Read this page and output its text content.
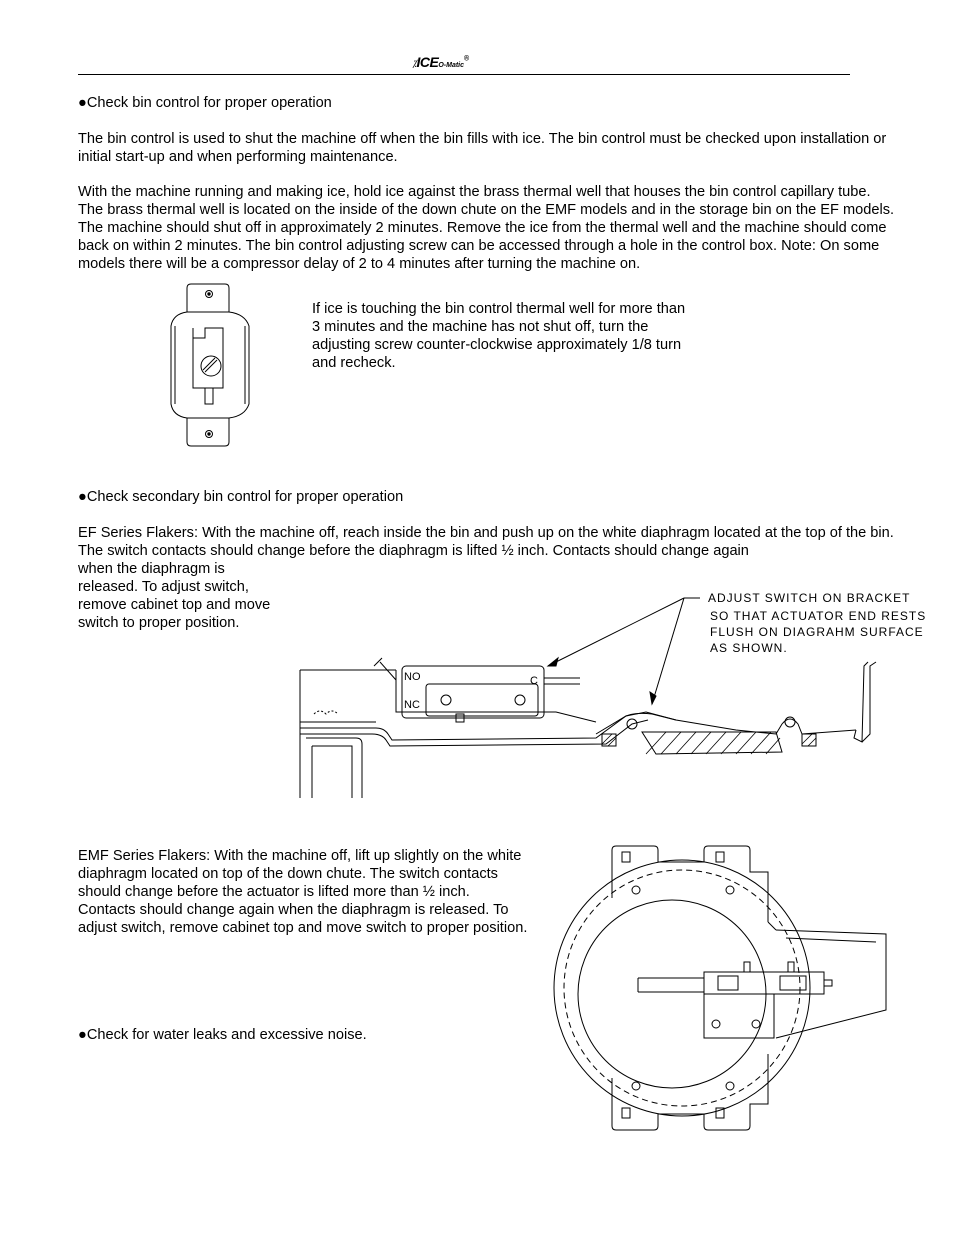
⁒ICEO-Matic®

●Check bin control for proper operation

The bin control is used to shut the machine off when the bin fills with ice. The bin control must be checked upon installation or initial start-up and when performing maintenance.

With the machine running and making ice, hold ice against the brass thermal well that houses the bin control capillary tube. The brass thermal well is located on the inside of the down chute on the EMF models and in the storage bin on the EF models. The machine should shut off in approximately 2 minutes. Remove the ice from the thermal well and the machine should come back on within 2 minutes. The bin control adjusting screw can be accessed through a hole in the control box. Note: On some models there will be a compressor delay of 2 to 4 minutes after turning the machine on.

If ice is touching the bin control thermal well for more than 3 minutes and the machine has not shut off, turn the adjusting screw counter-clockwise approximately 1/8 turn and recheck.

●Check secondary bin control for proper operation

EF Series Flakers: With the machine off, reach inside the bin and push up on the white diaphragm located at the top of the bin. The switch contacts should change before the diaphragm is lifted ½ inch. Contacts should change again

when the diaphragm is released. To adjust switch, remove cabinet top and move switch to proper position.

ADJUST SWITCH ON BRACKET
SO THAT ACTUATOR END RESTS
FLUSH ON DIAGRAHM SURFACE
AS SHOWN.
NO
NC
C

EMF Series Flakers: With the machine off, lift up slightly on the white diaphragm located on top of the down chute. The switch contacts should change before the actuator is lifted more than ½ inch. Contacts should change again when the diaphragm is released. To adjust switch, remove cabinet top and move switch to proper position.

●Check for water leaks and excessive noise.
